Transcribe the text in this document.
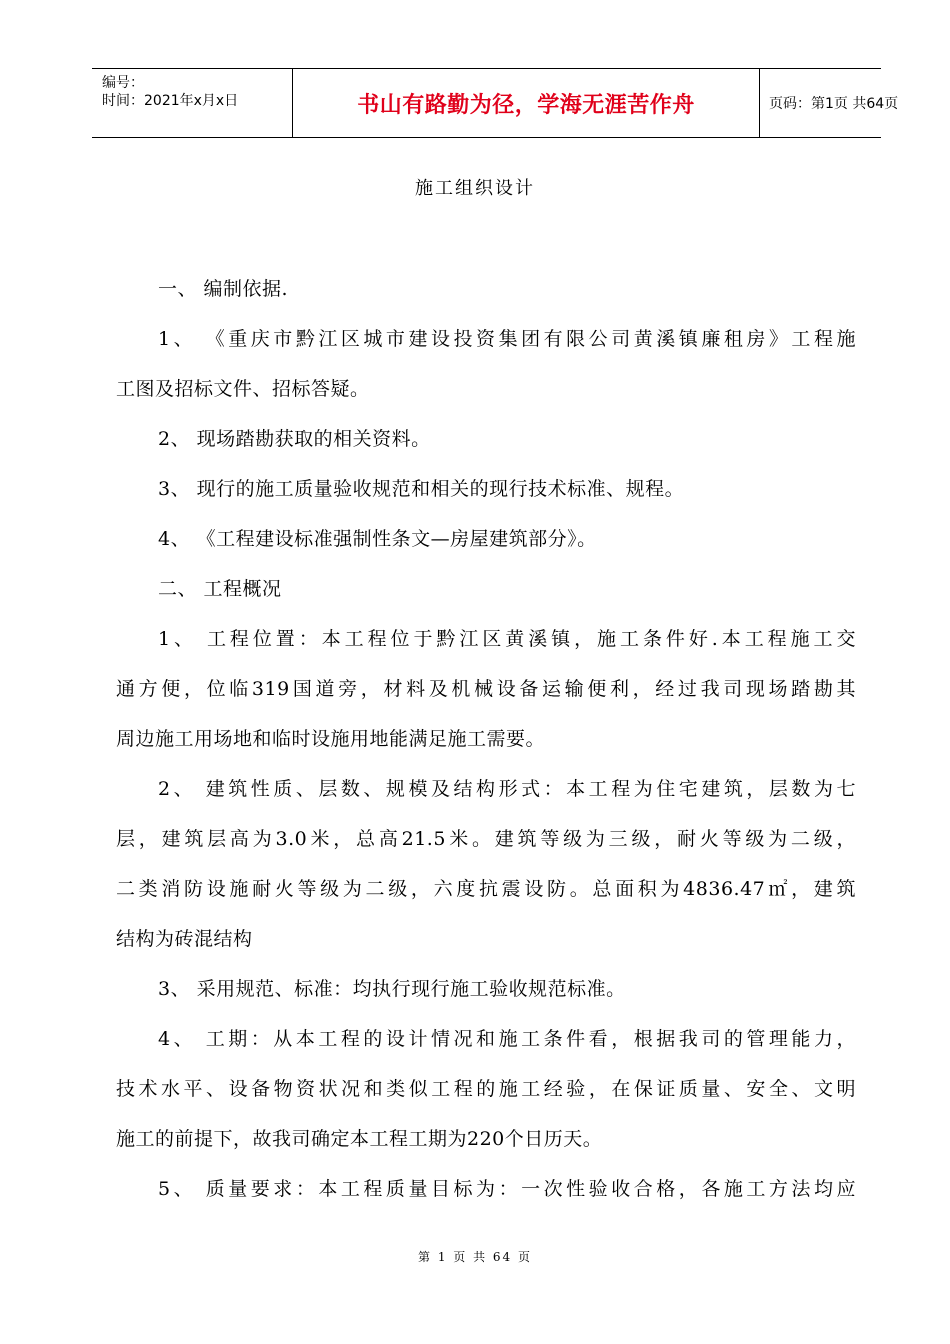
编号：
时间：2021年x月x日	书山有路勤为径，学海无涯苦作舟	页码：第1页 共64页
施工组织设计
一、 编制依据.
1、 《重庆市黔江区城市建设投资集团有限公司黄溪镇廉租房》工程施
工图及招标文件、招标答疑。
2、 现场踏勘获取的相关资料。
3、 现行的施工质量验收规范和相关的现行技术标准、规程。
4、 《工程建设标准强制性条文—房屋建筑部分》。
二、 工程概况
1、 工程位置：本工程位于黔江区黄溪镇，施工条件好.本工程施工交
通方便，位临319国道旁，材料及机械设备运输便利，经过我司现场踏勘其
周边施工用场地和临时设施用地能满足施工需要。
2、 建筑性质、层数、规模及结构形式：本工程为住宅建筑，层数为七
层，建筑层高为3.0米，总高21.5米。建筑等级为三级，耐火等级为二级，
二类消防设施耐火等级为二级，六度抗震设防。总面积为4836.47㎡，建筑
结构为砖混结构
3、 采用规范、标准：均执行现行施工验收规范标准。
4、 工期：从本工程的设计情况和施工条件看，根据我司的管理能力，
技术水平、设备物资状况和类似工程的施工经验，在保证质量、安全、文明
施工的前提下，故我司确定本工程工期为220个日历天。
5、 质量要求：本工程质量目标为：一次性验收合格，各施工方法均应
第 1 页 共 64 页
